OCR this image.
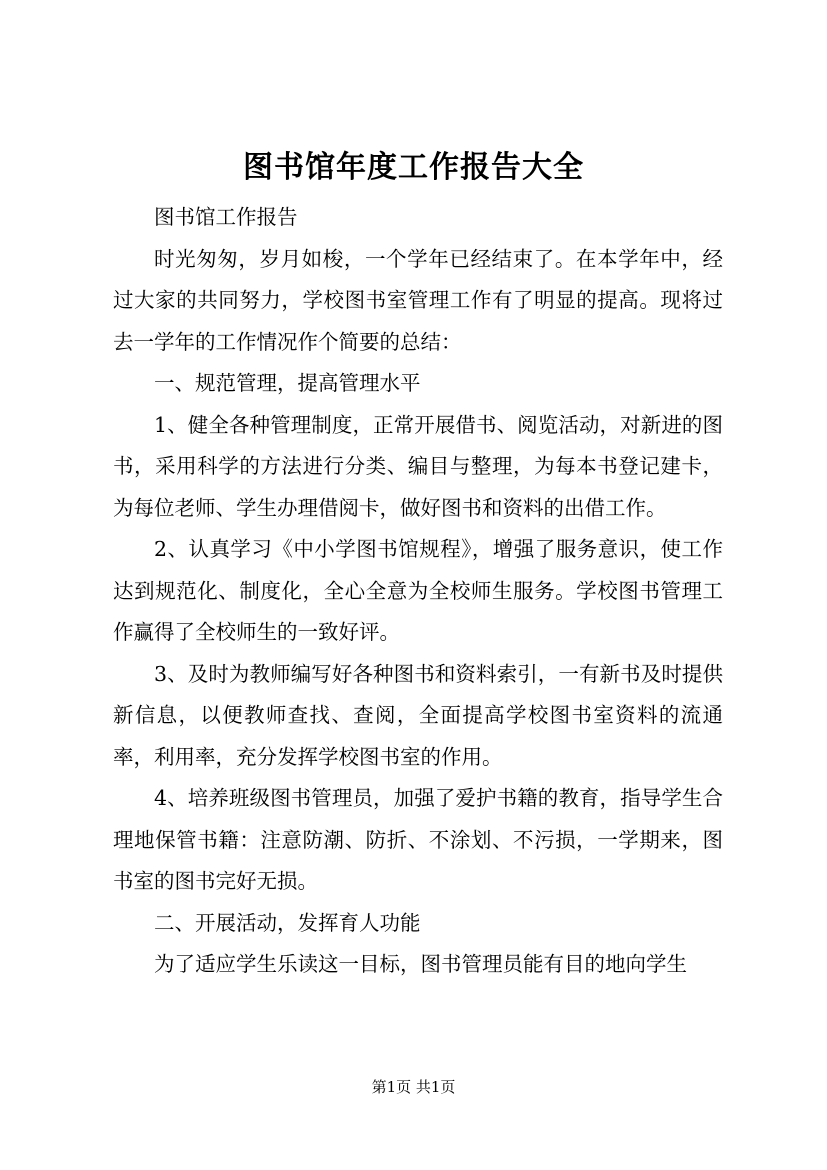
图书馆年度工作报告大全

图书馆工作报告

时光匆匆，岁月如梭，一个学年已经结束了。在本学年中，经过大家的共同努力，学校图书室管理工作有了明显的提高。现将过去一学年的工作情况作个简要的总结：

一、规范管理，提高管理水平

1、健全各种管理制度，正常开展借书、阅览活动，对新进的图书，采用科学的方法进行分类、编目与整理，为每本书登记建卡，为每位老师、学生办理借阅卡，做好图书和资料的出借工作。

2、认真学习《中小学图书馆规程》，增强了服务意识，使工作达到规范化、制度化，全心全意为全校师生服务。学校图书管理工作赢得了全校师生的一致好评。

3、及时为教师编写好各种图书和资料索引，一有新书及时提供新信息，以便教师查找、查阅，全面提高学校图书室资料的流通率，利用率，充分发挥学校图书室的作用。

4、培养班级图书管理员，加强了爱护书籍的教育，指导学生合理地保管书籍：注意防潮、防折、不涂划、不污损，一学期来，图书室的图书完好无损。

二、开展活动，发挥育人功能

为了适应学生乐读这一目标，图书管理员能有目的地向学生

第1页 共1页
